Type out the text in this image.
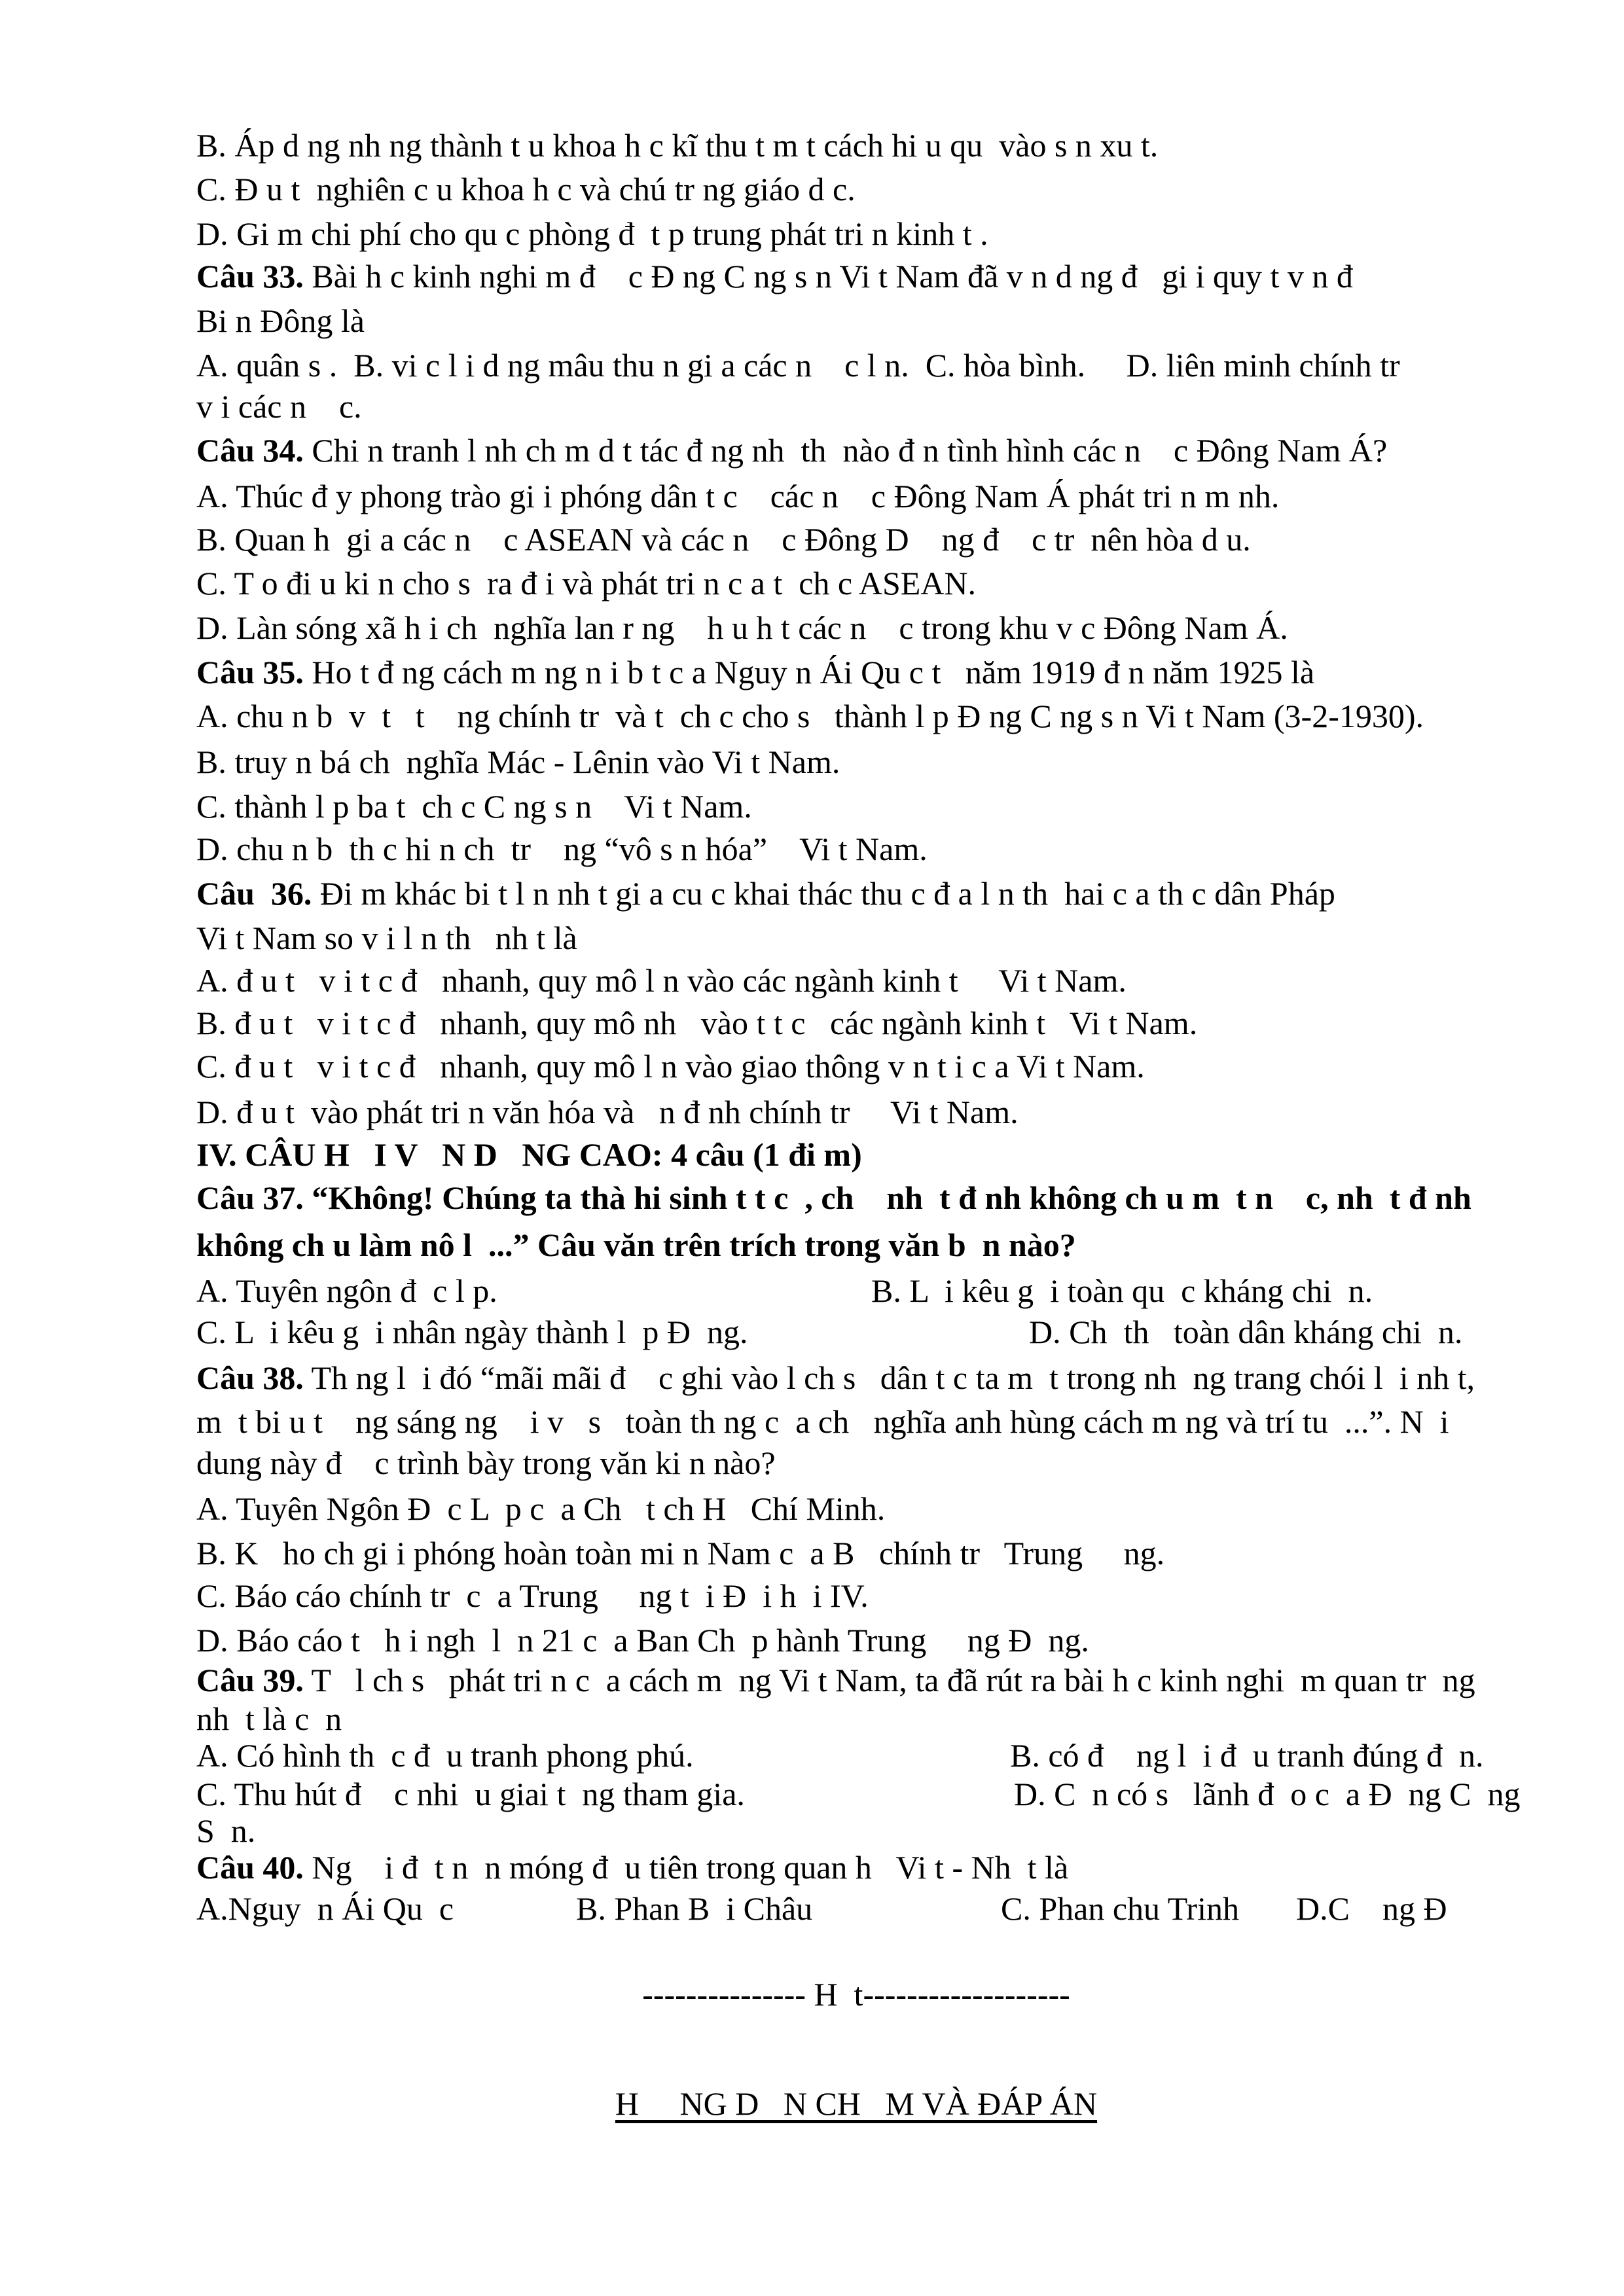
B. Áp d ng nh ng thành t u khoa h c kĩ thu t m t cách hi u qu  vào s n xu t.
C. Đ u t  nghiên c u khoa h c và chú tr ng giáo d c.
D. Gi m chi phí cho qu c phòng đ  t p trung phát tri n kinh t .
Câu 33. Bài h c kinh nghi m đ    c Đ ng C ng s n Vi t Nam đã v n d ng đ   gi i quy t v n đ
Bi n Đông là
A. quân s .  B. vi c l i d ng mâu thu n gi a các n    c l n.  C. hòa bình.     D. liên minh chính tr
v i các n    c.
Câu 34. Chi n tranh l nh ch m d t tác đ ng nh  th  nào đ n tình hình các n    c Đông Nam Á?
A. Thúc đ y phong trào gi i phóng dân t c    các n    c Đông Nam Á phát tri n m nh.
B. Quan h  gi a các n    c ASEAN và các n    c Đông D    ng đ    c tr  nên hòa d u.
C. T o đi u ki n cho s  ra đ i và phát tri n c a t  ch c ASEAN.
D. Làn sóng xã h i ch  nghĩa lan r ng    h u h t các n    c trong khu v c Đông Nam Á.
Câu 35. Ho t đ ng cách m ng n i b t c a Nguy n Ái Qu c t   năm 1919 đ n năm 1925 là
A. chu n b  v  t   t    ng chính tr  và t  ch c cho s   thành l p Đ ng C ng s n Vi t Nam (3-2-1930).
B. truy n bá ch  nghĩa Mác - Lênin vào Vi t Nam.
C. thành l p ba t  ch c C ng s n    Vi t Nam.
D. chu n b  th c hi n ch  tr    ng “vô s n hóa”    Vi t Nam.
Câu  36. Đi m khác bi t l n nh t gi a cu c khai thác thu c đ a l n th  hai c a th c dân Pháp
Vi t Nam so v i l n th   nh t là
A. đ u t   v i t c đ   nhanh, quy mô l n vào các ngành kinh t     Vi t Nam.
B. đ u t   v i t c đ   nhanh, quy mô nh   vào t t c   các ngành kinh t   Vi t Nam.
C. đ u t   v i t c đ   nhanh, quy mô l n vào giao thông v n t i c a Vi t Nam.
D. đ u t  vào phát tri n văn hóa và   n đ nh chính tr     Vi t Nam.
IV. CÂU H   I V   N D   NG CAO: 4 câu (1 đi m)
Câu 37. “Không! Chúng ta thà hi sinh t t c  , ch    nh  t đ nh không ch u m  t n    c, nh  t đ nh
không ch u làm nô l  ...” Câu văn trên trích trong văn b  n nào?
A. Tuyên ngôn đ  c l p.	B. L  i kêu g  i toàn qu  c kháng chi  n.
C. L  i kêu g  i nhân ngày thành l  p Đ  ng.	D. Ch  th   toàn dân kháng chi  n.
Câu 38. Th ng l  i đó “mãi mãi đ    c ghi vào l ch s   dân t c ta m  t trong nh  ng trang chói l  i nh t,
m  t bi u t    ng sáng ng    i v   s   toàn th ng c  a ch   nghĩa anh hùng cách m ng và trí tu  ...”. N  i
dung này đ    c trình bày trong văn ki n nào?
A. Tuyên Ngôn Đ  c L  p c  a Ch   t ch H   Chí Minh.
B. K   ho ch gi i phóng hoàn toàn mi n Nam c  a B   chính tr   Trung     ng.
C. Báo cáo chính tr  c  a Trung     ng t  i Đ  i h  i IV.
D. Báo cáo t   h i ngh  l  n 21 c  a Ban Ch  p hành Trung     ng Đ  ng.
Câu 39. T   l ch s   phát tri n c  a cách m  ng Vi t Nam, ta đã rút ra bài h c kinh nghi  m quan tr  ng
nh  t là c  n
A. Có hình th  c đ  u tranh phong phú.	B. có đ    ng l  i đ  u tranh đúng đ  n.
C. Thu hút đ    c nhi  u giai t  ng tham gia.	D. C  n có s   lãnh đ  o c  a Đ  ng C  ng
S  n.
Câu 40. Ng    i đ  t n  n móng đ  u tiên trong quan h   Vi t - Nh  t là
A.Nguy  n Ái Qu  c	B. Phan B  i Châu	C. Phan chu Trinh D.C    ng Đ
--------------- H  t-------------------
H     NG D   N CH   M VÀ ĐÁP ÁN
